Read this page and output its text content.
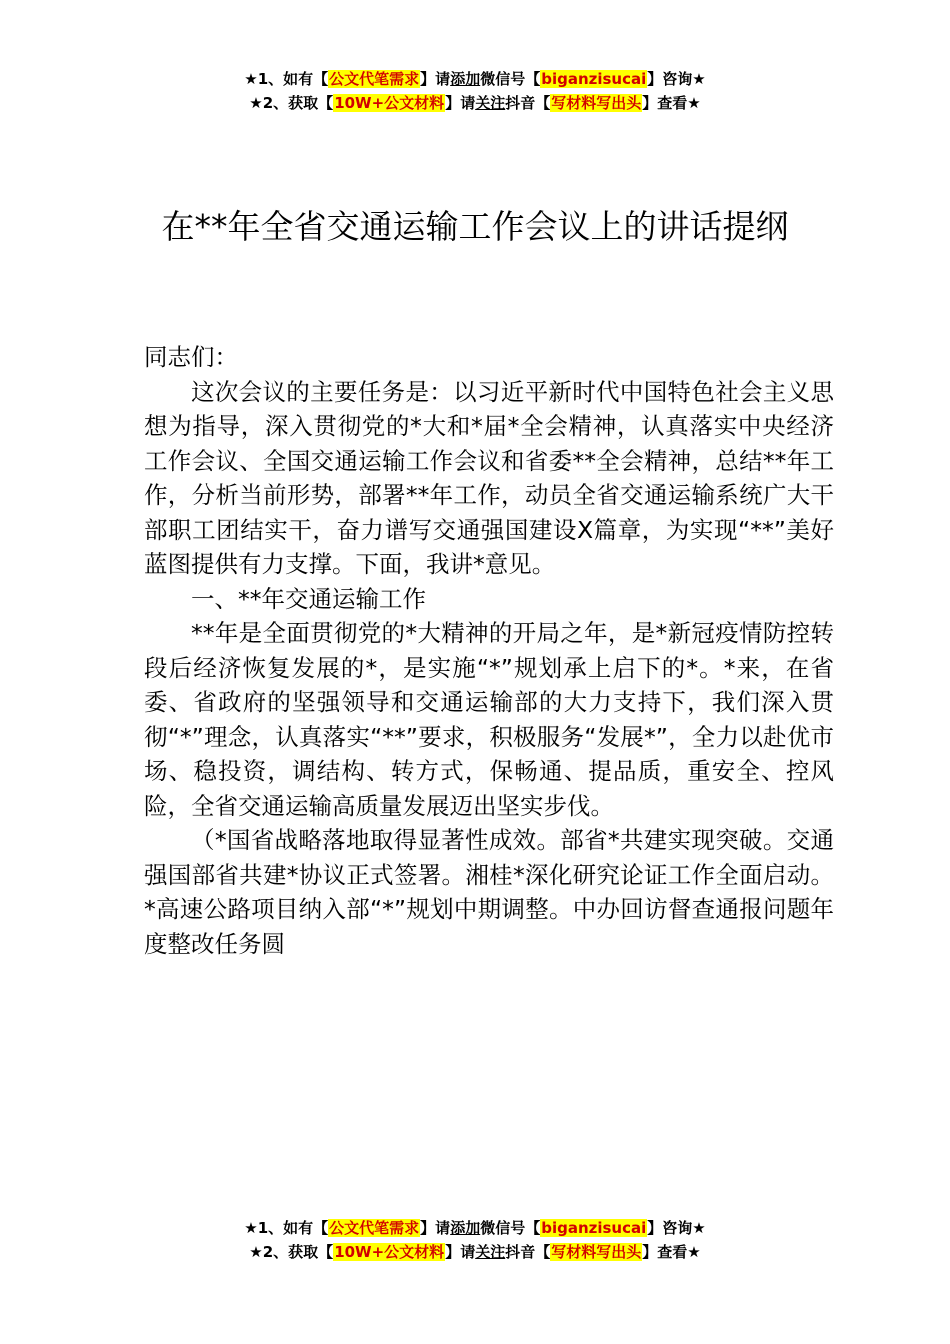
★1、如有【公文代笔需求】请添加微信号【biganzisucai】咨询★
★2、获取【10W+公文材料】请关注抖音【写材料写出头】查看★
在**年全省交通运输工作会议上的讲话提纲

同志们：

这次会议的主要任务是：以习近平新时代中国特色社会主义思想为指导，深入贯彻党的*大和*届*全会精神，认真落实中央经济工作会议、全国交通运输工作会议和省委**全会精神，总结**年工作，分析当前形势，部署**年工作，动员全省交通运输系统广大干部职工团结实干，奋力谱写交通强国建设X篇章，为实现“**”美好蓝图提供有力支撑。下面，我讲*意见。

一、**年交通运输工作

**年是全面贯彻党的*大精神的开局之年，是*新冠疫情防控转段后经济恢复发展的*，是实施“*”规划承上启下的*。*来，在省委、省政府的坚强领导和交通运输部的大力支持下，我们深入贯彻“*”理念，认真落实“**”要求，积极服务“发展*”，全力以赴优市场、稳投资，调结构、转方式，保畅通、提品质，重安全、控风险，全省交通运输高质量发展迈出坚实步伐。

（*国省战略落地取得显著性成效。部省*共建实现突破。交通强国部省共建*协议正式签署。湘桂*深化研究论证工作全面启动。*高速公路项目纳入部“*”规划中期调整。中办回访督查通报问题年度整改任务圆

★1、如有【公文代笔需求】请添加微信号【biganzisucai】咨询★
★2、获取【10W+公文材料】请关注抖音【写材料写出头】查看★
